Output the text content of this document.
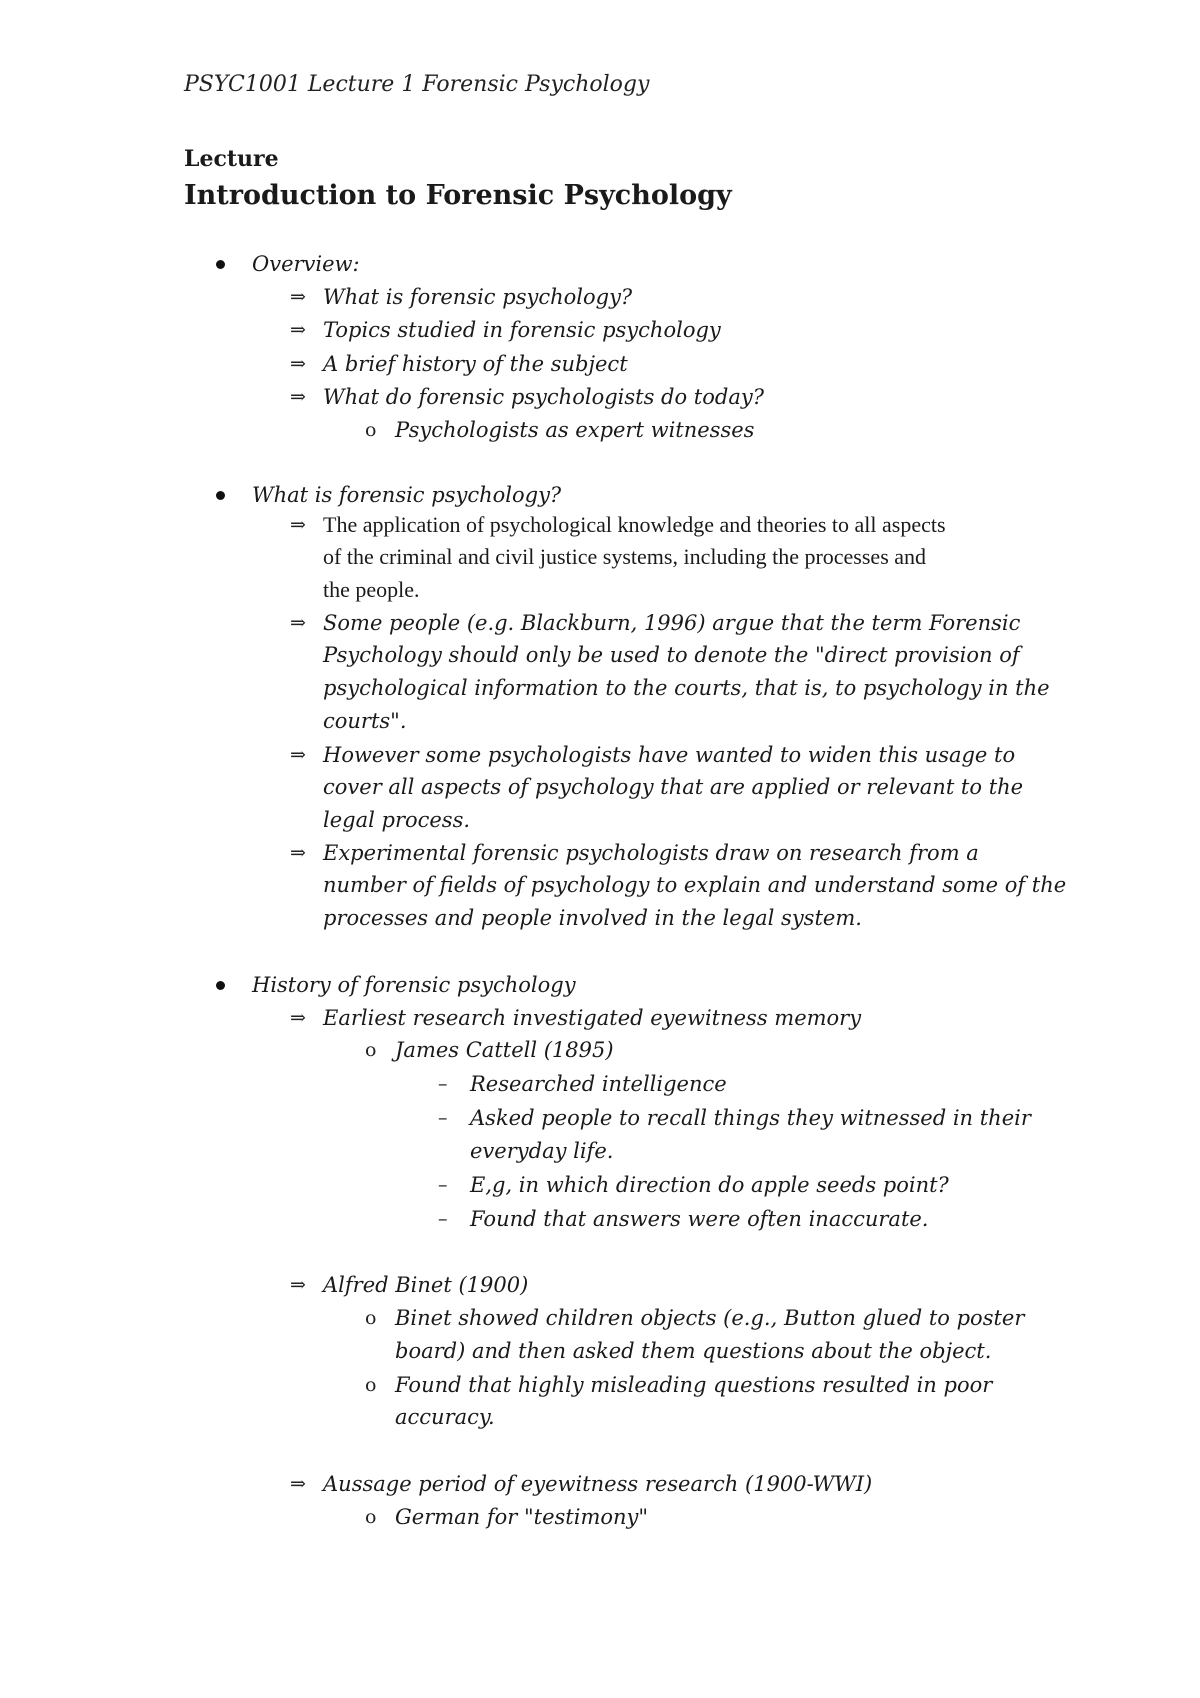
PSYC1001 Lecture 1 Forensic Psychology
Lecture
Introduction to Forensic Psychology
Overview:
⇒ What is forensic psychology?
⇒ Topics studied in forensic psychology
⇒ A brief history of the subject
⇒ What do forensic psychologists do today?
o Psychologists as expert witnesses
What is forensic psychology?
⇒ The application of psychological knowledge and theories to all aspects
of the criminal and civil justice systems, including the processes and
the people.
⇒ Some people (e.g. Blackburn, 1996) argue that the term Forensic
Psychology should only be used to denote the "direct provision of
psychological information to the courts, that is, to psychology in the
courts".
⇒ However some psychologists have wanted to widen this usage to
cover all aspects of psychology that are applied or relevant to the
legal process.
⇒ Experimental forensic psychologists draw on research from a
number of fields of psychology to explain and understand some of the
processes and people involved in the legal system.
History of forensic psychology
⇒ Earliest research investigated eyewitness memory
o James Cattell (1895)
– Researched intelligence
– Asked people to recall things they witnessed in their
everyday life.
– E,g, in which direction do apple seeds point?
– Found that answers were often inaccurate.
⇒ Alfred Binet (1900)
o Binet showed children objects (e.g., Button glued to poster
board) and then asked them questions about the object.
o Found that highly misleading questions resulted in poor
accuracy.
⇒ Aussage period of eyewitness research (1900-WWI)
o German for "testimony"
